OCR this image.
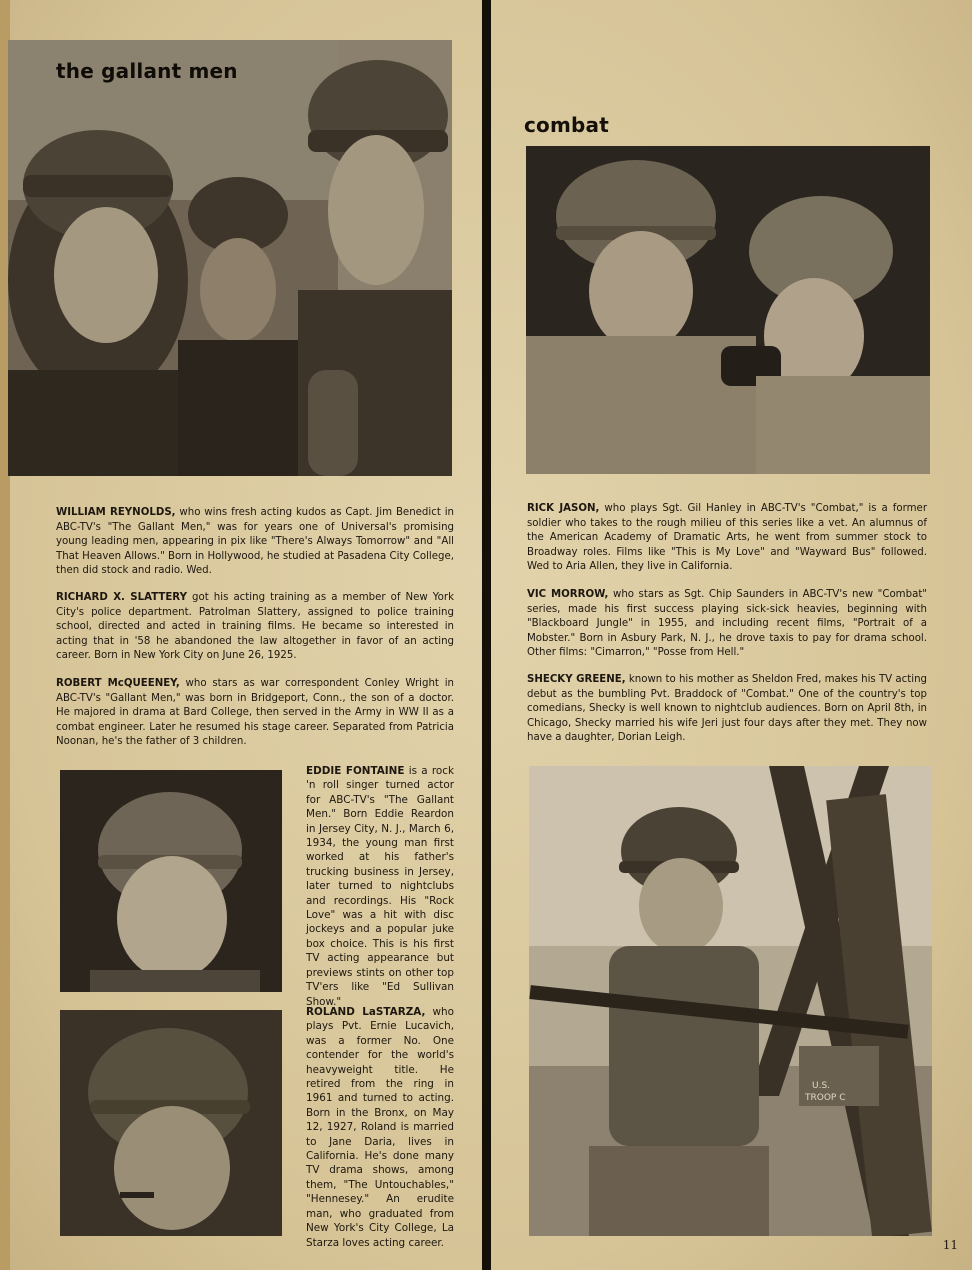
the gallant men

WILLIAM REYNOLDS, who wins fresh acting kudos as Capt. Jim Benedict in ABC-TV's "The Gallant Men," was for years one of Universal's promising young leading men, appearing in pix like "There's Always Tomorrow" and "All That Heaven Allows." Born in Hollywood, he studied at Pasadena City College, then did stock and radio. Wed.

RICHARD X. SLATTERY got his acting training as a member of New York City's police department. Patrolman Slattery, assigned to police training school, directed and acted in training films. He became so interested in acting that in '58 he abandoned the law altogether in favor of an acting career. Born in New York City on June 26, 1925.

ROBERT McQUEENEY, who stars as war correspondent Conley Wright in ABC-TV's "Gallant Men," was born in Bridgeport, Conn., the son of a doctor. He majored in drama at Bard College, then served in the Army in WW II as a combat engineer. Later he resumed his stage career. Separated from Patricia Noonan, he's the father of 3 children.

EDDIE FONTAINE is a rock 'n roll singer turned actor for ABC-TV's "The Gallant Men." Born Eddie Reardon in Jersey City, N. J., March 6, 1934, the young man first worked at his father's trucking business in Jersey, later turned to nightclubs and recordings. His "Rock Love" was a hit with disc jockeys and a popular juke box choice. This is his first TV acting appearance but previews stints on other top TV'ers like "Ed Sullivan Show."

ROLAND LaSTARZA, who plays Pvt. Ernie Lucavich, was a former No. One contender for the world's heavyweight title. He retired from the ring in 1961 and turned to acting. Born in the Bronx, on May 12, 1927, Roland is married to Jane Daria, lives in California. He's done many TV drama shows, among them, "The Untouchables," "Hennesey." An erudite man, who graduated from New York's City College, La Starza loves acting career.

combat

RICK JASON, who plays Sgt. Gil Hanley in ABC-TV's "Combat," is a former soldier who takes to the rough milieu of this series like a vet. An alumnus of the American Academy of Dramatic Arts, he went from summer stock to Broadway roles. Films like "This is My Love" and "Wayward Bus" followed. Wed to Aria Allen, they live in California.

VIC MORROW, who stars as Sgt. Chip Saunders in ABC-TV's new "Combat" series, made his first success playing sick-sick heavies, beginning with "Blackboard Jungle" in 1955, and including recent films, "Portrait of a Mobster." Born in Asbury Park, N. J., he drove taxis to pay for drama school. Other films: "Cimarron," "Posse from Hell."

SHECKY GREENE, known to his mother as Sheldon Fred, makes his TV acting debut as the bumbling Pvt. Braddock of "Combat." One of the country's top comedians, Shecky is well known to nightclub audiences. Born on April 8th, in Chicago, Shecky married his wife Jeri just four days after they met. They now have a daughter, Dorian Leigh.

U.S.
TROOP C
11
